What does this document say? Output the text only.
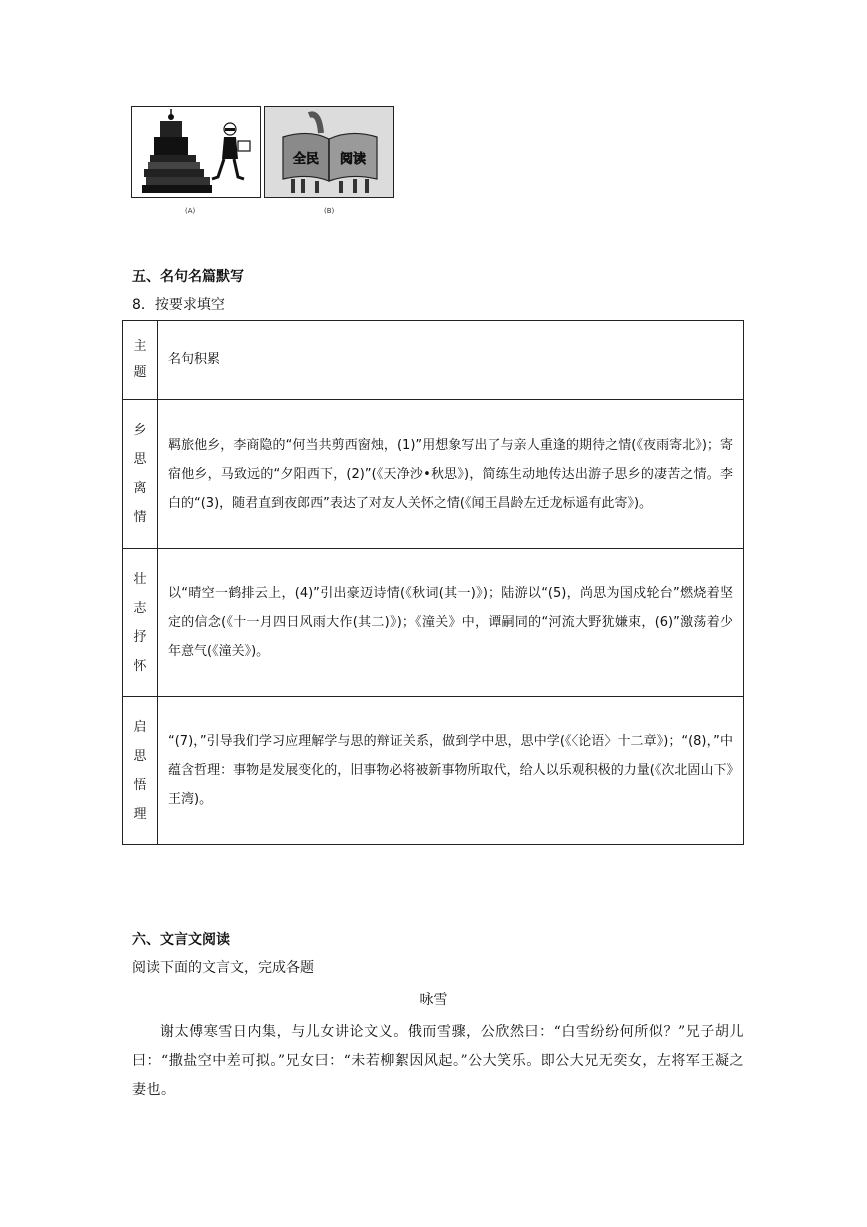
全民 阅读
(A)	(B)
五、名句名篇默写
8．按要求填空
主题	名句积累

乡思离情	羁旅他乡，李商隐的“何当共剪西窗烛，(1)”用想象写出了与亲人重逢的期待之情(《夜雨寄北》)；寄宿他乡，马致远的“夕阳西下，(2)”(《天净沙•秋思》)，简练生动地传达出游子思乡的凄苦之情。李白的“(3)，随君直到夜郎西”表达了对友人关怀之情(《闻王昌龄左迁龙标遥有此寄》)。

壮志抒怀	以“晴空一鹤排云上，(4)”引出豪迈诗情(《秋词(其一)》)；陆游以“(5)，尚思为国戍轮台”燃烧着坚定的信念(《十一月四日风雨大作(其二)》)；《潼关》中，谭嗣同的“河流大野犹嫌束，(6)”激荡着少年意气(《潼关》)。

启思悟理	“(7)，”引导我们学习应理解学与思的辩证关系，做到学中思，思中学(《〈论语〉十二章》)；“(8)，”中蕴含哲理：事物是发展变化的，旧事物必将被新事物所取代，给人以乐观积极的力量(《次北固山下》王湾)。
六、文言文阅读
阅读下面的文言文，完成各题
咏雪
谢太傅寒雪日内集，与儿女讲论文义。俄而雪骤，公欣然曰：“白雪纷纷何所似？”兄子胡儿曰：“撒盐空中差可拟。”兄女曰：“未若柳絮因风起。”公大笑乐。即公大兄无奕女，左将军王凝之妻也。
